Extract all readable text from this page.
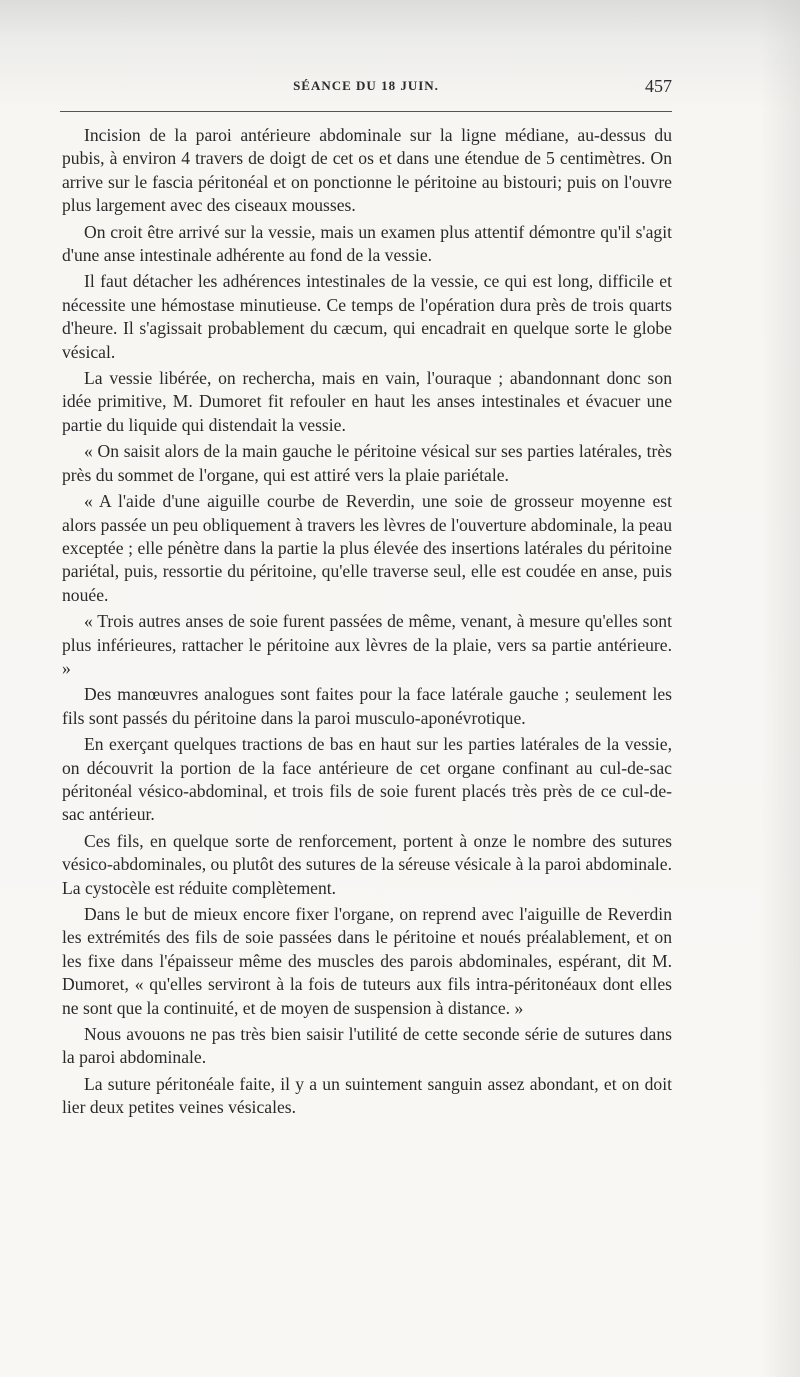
SÉANCE DU 18 JUIN.	457

Incision de la paroi antérieure abdominale sur la ligne médiane, au-dessus du pubis, à environ 4 travers de doigt de cet os et dans une étendue de 5 centimètres. On arrive sur le fascia péritonéal et on ponctionne le péritoine au bistouri; puis on l'ouvre plus largement avec des ciseaux mousses.

On croit être arrivé sur la vessie, mais un examen plus attentif démontre qu'il s'agit d'une anse intestinale adhérente au fond de la vessie.

Il faut détacher les adhérences intestinales de la vessie, ce qui est long, difficile et nécessite une hémostase minutieuse. Ce temps de l'opération dura près de trois quarts d'heure. Il s'agissait probablement du cæcum, qui encadrait en quelque sorte le globe vésical.

La vessie libérée, on rechercha, mais en vain, l'ouraque ; abandonnant donc son idée primitive, M. Dumoret fit refouler en haut les anses intestinales et évacuer une partie du liquide qui distendait la vessie.

« On saisit alors de la main gauche le péritoine vésical sur ses parties latérales, très près du sommet de l'organe, qui est attiré vers la plaie pariétale.

« A l'aide d'une aiguille courbe de Reverdin, une soie de grosseur moyenne est alors passée un peu obliquement à travers les lèvres de l'ouverture abdominale, la peau exceptée ; elle pénètre dans la partie la plus élevée des insertions latérales du péritoine pariétal, puis, ressortie du péritoine, qu'elle traverse seul, elle est coudée en anse, puis nouée.

« Trois autres anses de soie furent passées de même, venant, à mesure qu'elles sont plus inférieures, rattacher le péritoine aux lèvres de la plaie, vers sa partie antérieure. »

Des manœuvres analogues sont faites pour la face latérale gauche ; seulement les fils sont passés du péritoine dans la paroi musculo-aponévrotique.

En exerçant quelques tractions de bas en haut sur les parties latérales de la vessie, on découvrit la portion de la face antérieure de cet organe confinant au cul-de-sac péritonéal vésico-abdominal, et trois fils de soie furent placés très près de ce cul-de-sac antérieur.

Ces fils, en quelque sorte de renforcement, portent à onze le nombre des sutures vésico-abdominales, ou plutôt des sutures de la séreuse vésicale à la paroi abdominale. La cystocèle est réduite complètement.

Dans le but de mieux encore fixer l'organe, on reprend avec l'aiguille de Reverdin les extrémités des fils de soie passées dans le péritoine et noués préalablement, et on les fixe dans l'épaisseur même des muscles des parois abdominales, espérant, dit M. Dumoret, « qu'elles serviront à la fois de tuteurs aux fils intra-péritonéaux dont elles ne sont que la continuité, et de moyen de suspension à distance. »

Nous avouons ne pas très bien saisir l'utilité de cette seconde série de sutures dans la paroi abdominale.

La suture péritonéale faite, il y a un suintement sanguin assez abondant, et on doit lier deux petites veines vésicales.
